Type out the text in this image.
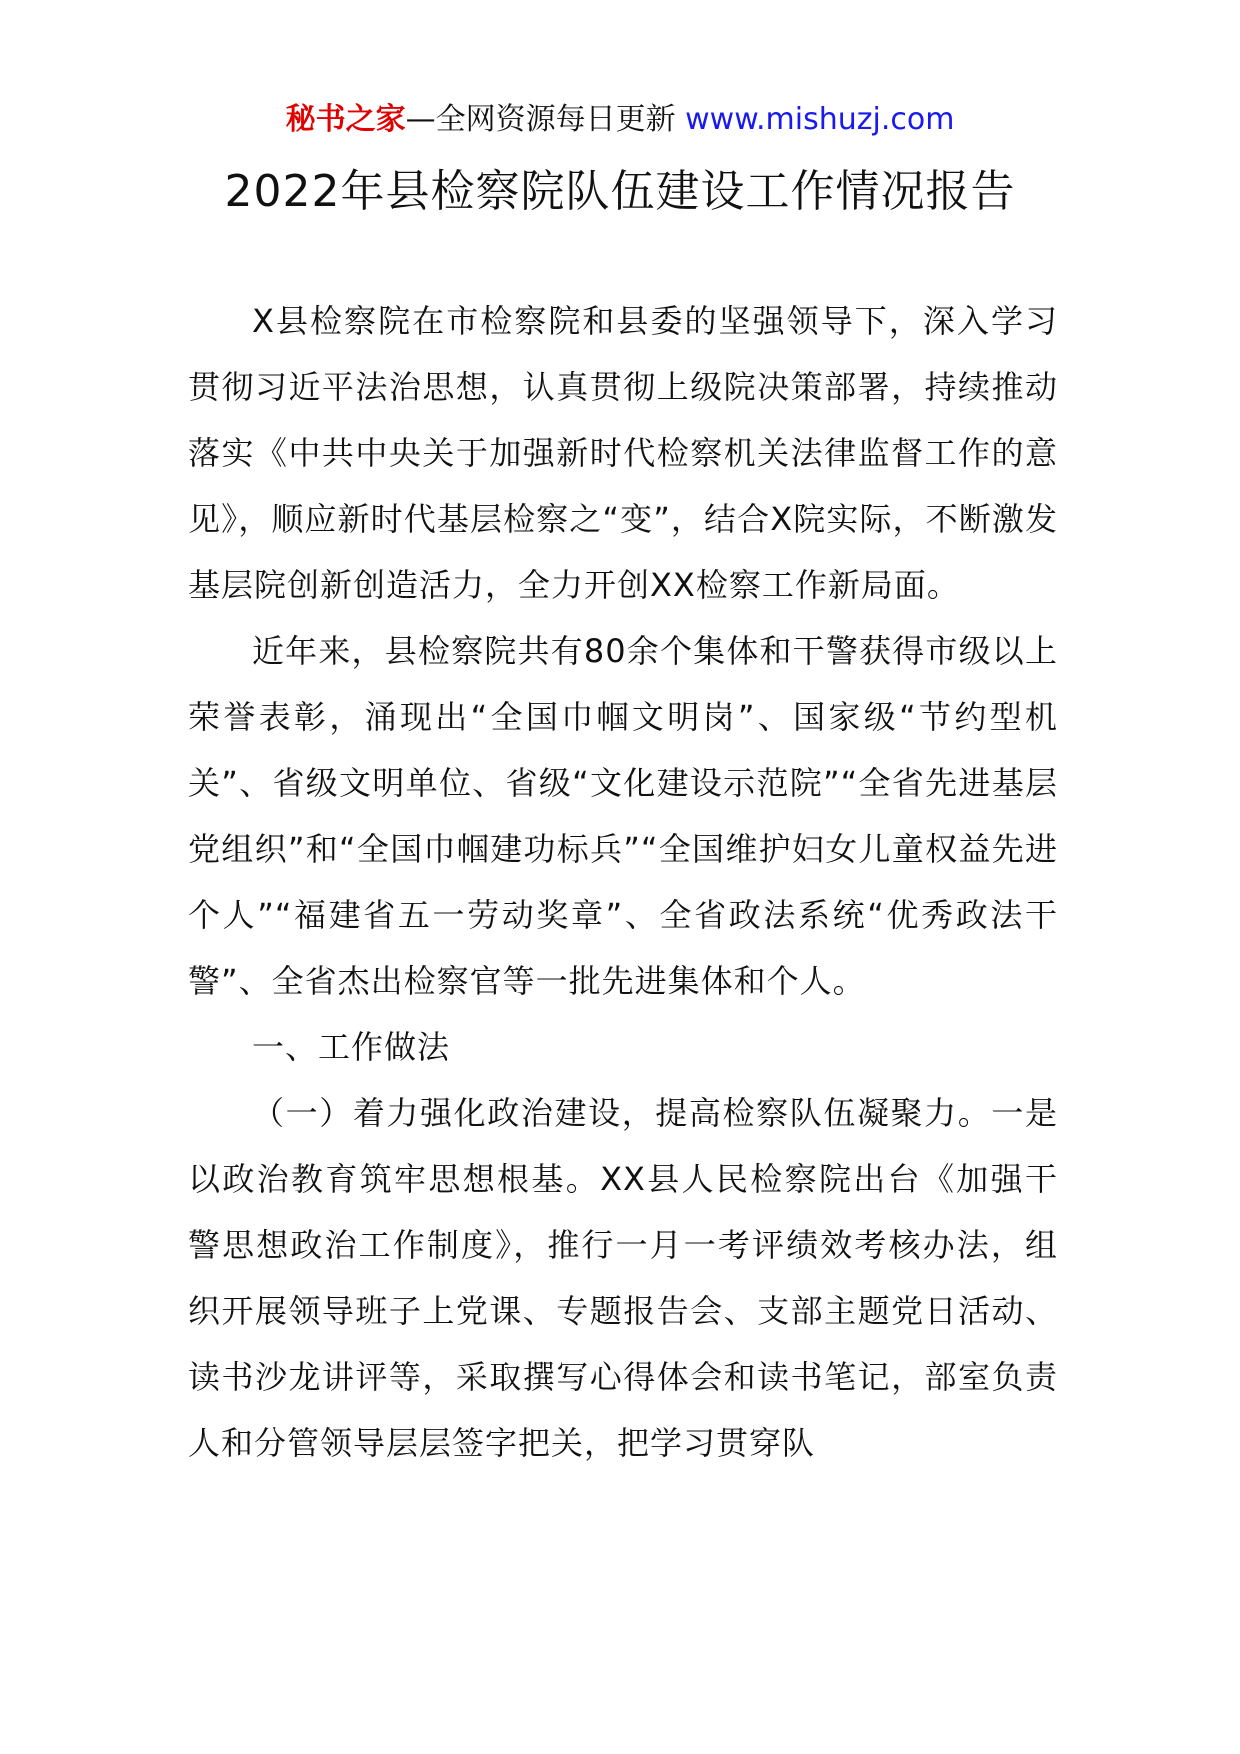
秘书之家—全网资源每日更新 www.mishuzj.com
2022年县检察院队伍建设工作情况报告

X县检察院在市检察院和县委的坚强领导下，深入学习贯彻习近平法治思想，认真贯彻上级院决策部署，持续推动落实《中共中央关于加强新时代检察机关法律监督工作的意见》，顺应新时代基层检察之“变”，结合X院实际，不断激发基层院创新创造活力，全力开创XX检察工作新局面。

近年来，县检察院共有80余个集体和干警获得市级以上荣誉表彰，涌现出“全国巾帼文明岗”、国家级“节约型机关”、省级文明单位、省级“文化建设示范院”“全省先进基层党组织”和“全国巾帼建功标兵”“全国维护妇女儿童权益先进个人”“福建省五一劳动奖章”、全省政法系统“优秀政法干警”、全省杰出检察官等一批先进集体和个人。

一、工作做法

（一）着力强化政治建设，提高检察队伍凝聚力。一是以政治教育筑牢思想根基。XX县人民检察院出台《加强干警思想政治工作制度》，推行一月一考评绩效考核办法，组织开展领导班子上党课、专题报告会、支部主题党日活动、读书沙龙讲评等，采取撰写心得体会和读书笔记，部室负责人和分管领导层层签字把关，把学习贯穿队
